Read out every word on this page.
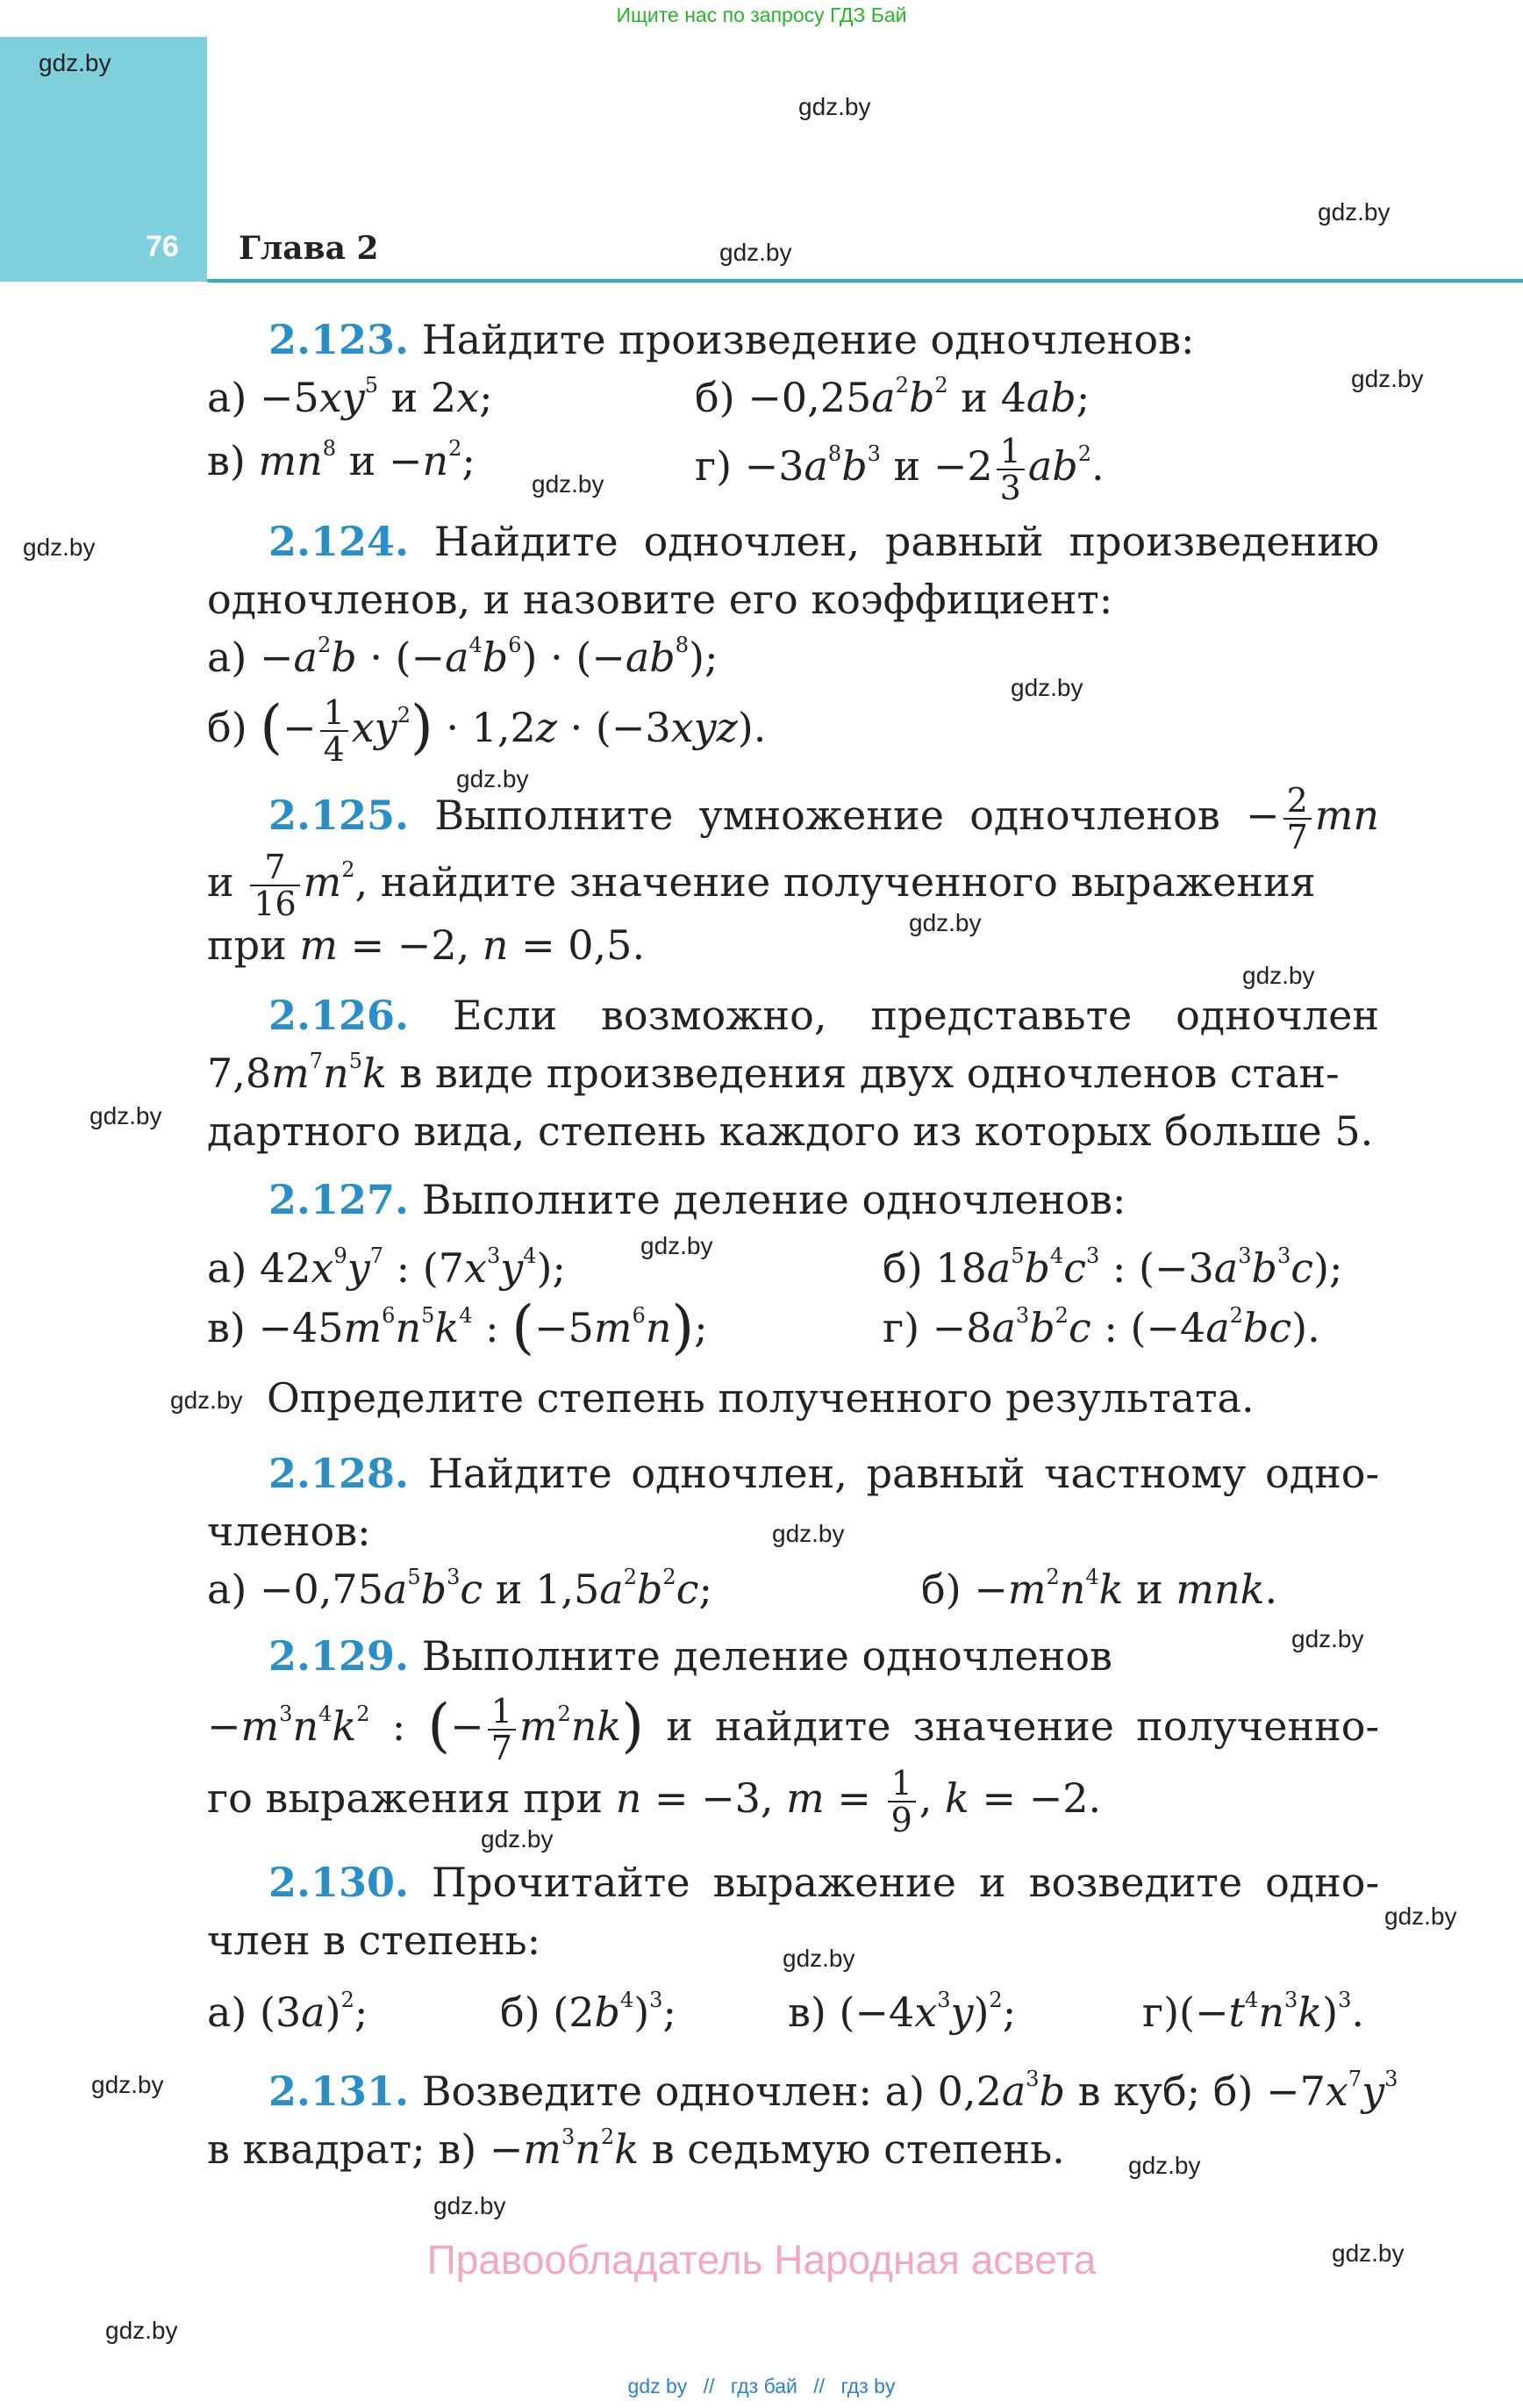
Ищите нас по запросу ГДЗ Бай
76 Глава 2
gdz.by
gdz.by
gdz.by
gdz.by
gdz.by
gdz.by
gdz.by
gdz.by
gdz.by
gdz.by
gdz.by
gdz.by
gdz.by
gdz.by
gdz.by
gdz.by
gdz.by
gdz.by
gdz.by
gdz.by
gdz.by
gdz.by
gdz.by
gdz.by
2.123. Найдите произведение одночленов:
$а) -5xy^5$ и 2x;	$б) -0,25a^2b^2$ и 4ab;
в) $mn^8$ $и -n^2$;	$г) -3a^8b^3$ $и -2 \frac{1}{3} ab^2$.
2.124. Найдите одночлен, равный произведению
одночленов, и назовите его коэффициент:
$а) -a^2b \cdot (-a^4b^6) \cdot (-ab^8)$;
б) (− $\frac{1}{4} xy^2) \cdot 1,2z \cdot (-3xyz)$.
2.125. Выполните умножение одночленов − $\frac{2}{7}$ mn
и $\frac{7}{16} m^2$, найдите значение полученного выражения
при m = −2, n = 0,5.
2.126. Если возможно, представьте одночлен
$7,8m^7n^5k$ в виде произведения двух одночленов стан-
дартного вида, степень каждого из которых больше 5.
2.127. Выполните деление одночленов:
а) $42x^9y^7$ : $(7x^3y^4)$;	б) $18a^5b^4c^3$ : $(-3a^3b^3c)$;
$в) -45m^6n^5k^4$ : $(-5m^6n)$;	$г) -8a^3b^2c$ : $(-4a^2bc)$.
Определите степень полученного результата.
2.128. Найдите одночлен, равный частному одно-
членов:
$а) -0,75a^5b^3c$ и $1,5a^2b^2c$;	$б) -m^2n^4k$ и mnk.
2.129. Выполните деление одночленов
$-m^3n^4k^2$ : (− $\frac{1}{7} m^2nk$) и найдите значение полученно-
го выражения при n = −3, $m = \frac{1}{9}$ , k = −2.
2.130. Прочитайте выражение и возведите одно-
член в степень:
а) $(3a)^2$;	б) $(2b^4)^3$;	в) $(-4x^3y)^2$;	$г)(-t^4n^3k)^3$.
2.131. Возведите одночлен: а) $0,2a^3b$ в куб; $б) -7x^7y^3$
в квадрат; $в) -m^3n^2k$ в седьмую степень.
Правообладатель Народная асвета
gdz by // гдз бай // гдз by
